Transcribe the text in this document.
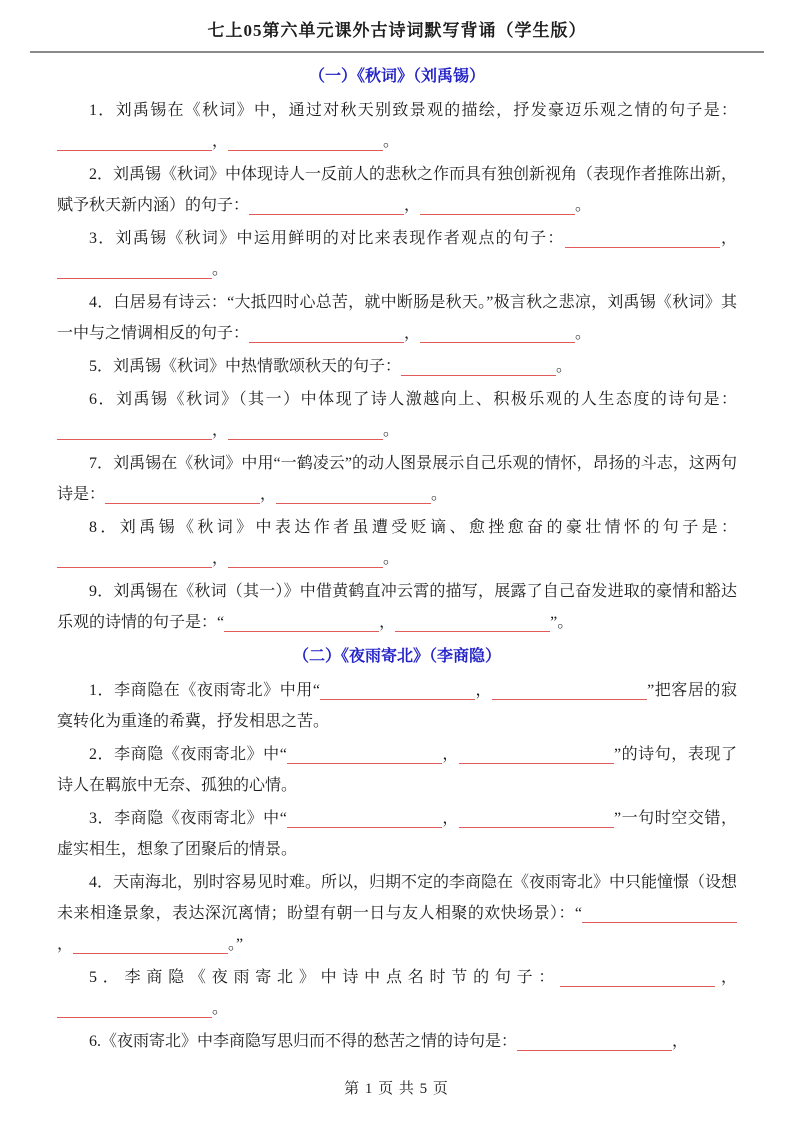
七上05第六单元课外古诗词默写背诵（学生版）
（一）《秋词》（刘禹锡）

1．刘禹锡在《秋词》中，通过对秋天别致景观的描绘，抒发豪迈乐观之情的句子是：，	。

2．刘禹锡《秋词》中体现诗人一反前人的悲秋之作而具有独创新视角（表现作者推陈出新，赋予秋天新内涵）的句子：	，	。

3．刘禹锡《秋词》中运用鲜明的对比来表现作者观点的句子：	，。

4．白居易有诗云：“大抵四时心总苦，就中断肠是秋天。”极言秋之悲凉，刘禹锡《秋词》其一中与之情调相反的句子：	，	。

5．刘禹锡《秋词》中热情歌颂秋天的句子：	。

6．刘禹锡《秋词》（其一）中体现了诗人激越向上、积极乐观的人生态度的诗句是：，	。

7．刘禹锡在《秋词》中用“一鹤凌云”的动人图景展示自己乐观的情怀，昂扬的斗志，这两句诗是：	，	。

8．刘禹锡《秋词》中表达作者虽遭受贬谪、愈挫愈奋的豪壮情怀的句子是：，	。

9．刘禹锡在《秋词（其一）》中借黄鹤直冲云霄的描写，展露了自己奋发进取的豪情和豁达乐观的诗情的句子是：“	，	”。

（二）《夜雨寄北》（李商隐）

1．李商隐在《夜雨寄北》中用“	，	”把客居的寂寞转化为重逢的希冀，抒发相思之苦。

2．李商隐《夜雨寄北》中“	，	”的诗句，表现了诗人在羁旅中无奈、孤独的心情。

3．李商隐《夜雨寄北》中“	，	”一句时空交错，虚实相生，想象了团聚后的情景。

4．天南海北，别时容易见时难。所以，归期不定的李商隐在《夜雨寄北》中只能憧憬（设想未来相逢景象，表达深沉离情；盼望有朝一日与友人相聚的欢快场景）：“，	。”

5．李商隐《夜雨寄北》中诗中点名时节的句子：	，。

6.《夜雨寄北》中李商隐写思归而不得的愁苦之情的诗句是：	，

第 1 页 共 5 页
